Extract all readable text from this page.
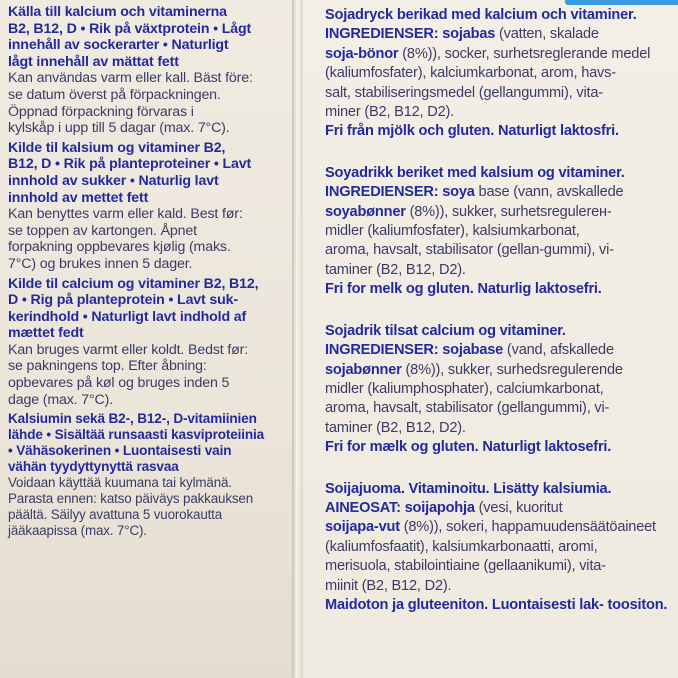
Källa till kalcium och vitaminerna
B2, B12, D • Rik på växtprotein • Lågt
innehåll av sockerarter • Naturligt
lågt innehåll av mättat fett
Kan användas varm eller kall. Bäst före:
se datum överst på förpackningen.
Öppnad förpackning förvaras i
kylskåp i upp till 5 dagar (max. 7°C).
Kilde til kalsium og vitaminer B2,
B12, D • Rik på planteproteiner • Lavt
innhold av sukker • Naturlig lavt
innhold av mettet fett
Kan benyttes varm eller kald. Best før:
se toppen av kartongen. Åpnet
forpakning oppbevares kjølig (maks.
7°C) og brukes innen 5 dager.
Kilde til calcium og vitaminer B2, B12,
D • Rig på planteprotein • Lavt suk-
kerindhold • Naturligt lavt indhold af
mættet fedt
Kan bruges varmt eller koldt. Bedst før:
se pakningens top. Efter åbning:
opbevares på køl og bruges inden 5
dage (max. 7°C).
Kalsiumin sekä B2-, B12-, D-vitamiinien
lähde • Sisältää runsaasti kasviproteiinia
• Vähäsokerinen • Luontaisesti vain
vähän tyydyttynyttä rasvaa
Voidaan käyttää kuumana tai kylmänä.
Parasta ennen: katso päiväys pakkauksen
päältä. Säilyy avattuna 5 vuorokautta
jääkaapissa (max. 7°C).
Sojadryck berikad med kalcium och vitaminer.
INGREDIENSER: sojabas (vatten, skalade
soja-bönor (8%)), socker, surhetsreglerande medel
(kaliumfosfater), kalciumkarbonat, arom, havs-
salt, stabiliseringsmedel (gellangummi), vita-
miner (B2, B12, D2).
Fri från mjölk och gluten. Naturligt laktosfri.
Soyadrikk beriket med kalsium og vitaminer.
INGREDIENSER: soya base (vann, avskallede
soyabønner (8%)), sukker, surhetsregulerен-
midler (kaliumfosfater), kalsiumkarbonat,
aroma, havsalt, stabilisator (gellan-gummi), vi-
taminer (B2, B12, D2).
Fri for melk og gluten. Naturlig laktosefri.
Sojadrik tilsat calcium og vitaminer.
INGREDIENSER: sojabase (vand, afskallede
sojabønner (8%)), sukker, surhedsregulerende
midler (kaliumphosphater), calciumkarbonat,
aroma, havsalt, stabilisator (gellangummi), vi-
taminer (B2, B12, D2).
Fri for mælk og gluten. Naturligt laktosefri.
Soijajuoma. Vitaminoitu. Lisätty kalsiumia.
AINEOSAT: soijapohja (vesi, kuoritut
soijapa-vut (8%)), sokeri, happamuudensäätöaineet
(kaliumfosfaatit), kalsiumkarbonaatti, aromi,
merisuola, stabilointiaine (gellaanikumi), vita-
miinit (B2, B12, D2).
Maidoton ja gluteeniton. Luontaisesti lak- toositon.
